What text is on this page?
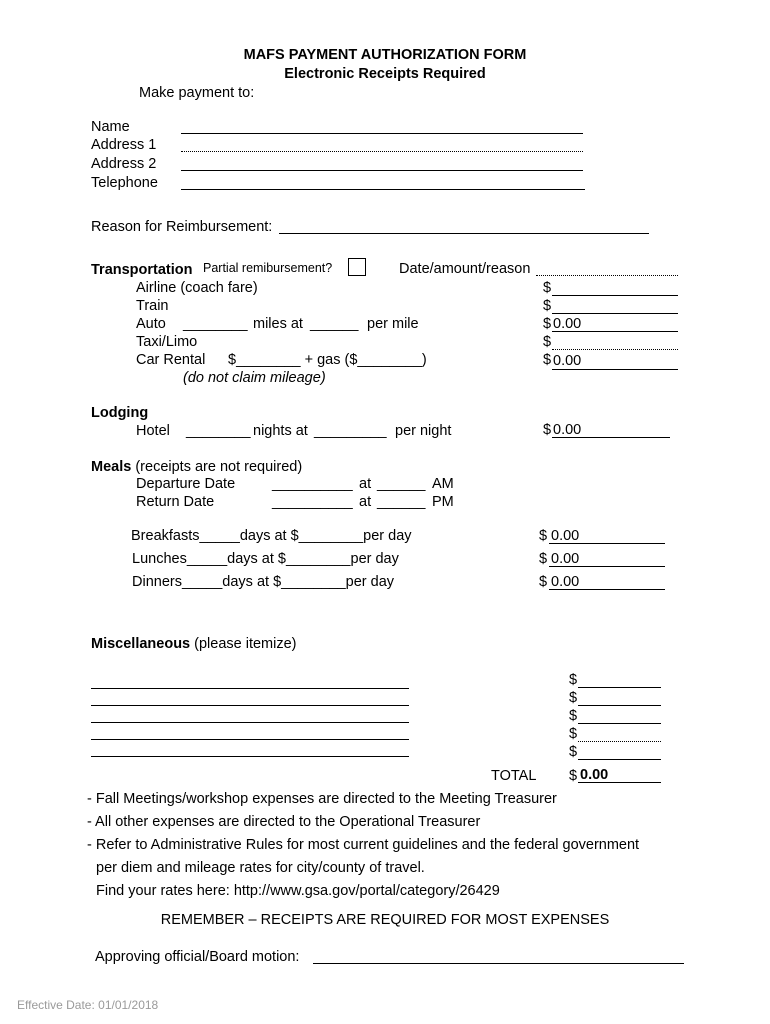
MAFS PAYMENT AUTHORIZATION FORM
Electronic Receipts Required
Make payment to:
Name
Address 1
Address 2
Telephone
Reason for Reimbursement:
Transportation Partial remibursement?	Date/amount/reason
Airline (coach fare)	$
Train	$
Auto ________ miles at ______ per mile	$ 0.00
Taxi/Limo	$
Car Rental $________ + gas ($________)	$ 0.00
(do not claim mileage)
Lodging
Hotel ________ nights at _________ per night	$ 0.00
Meals (receipts are not required)
Departure Date	__________ at ______ AM
Return Date	__________ at ______ PM
Breakfasts_____days at $________per day	$ 0.00
Lunches_____days at $________per day	$ 0.00
Dinners_____days at $________per day	$ 0.00
Miscellaneous (please itemize)
$
$
$
$
$
TOTAL $ 0.00
- Fall Meetings/workshop expenses are directed to the Meeting Treasurer
- All other expenses are directed to the Operational Treasurer
- Refer to Administrative Rules for most current guidelines and the federal government
per diem and mileage rates for city/county of travel.
Find your rates here: http://www.gsa.gov/portal/category/26429
REMEMBER – RECEIPTS ARE REQUIRED FOR MOST EXPENSES
Approving official/Board motion:
Effective Date: 01/01/2018
